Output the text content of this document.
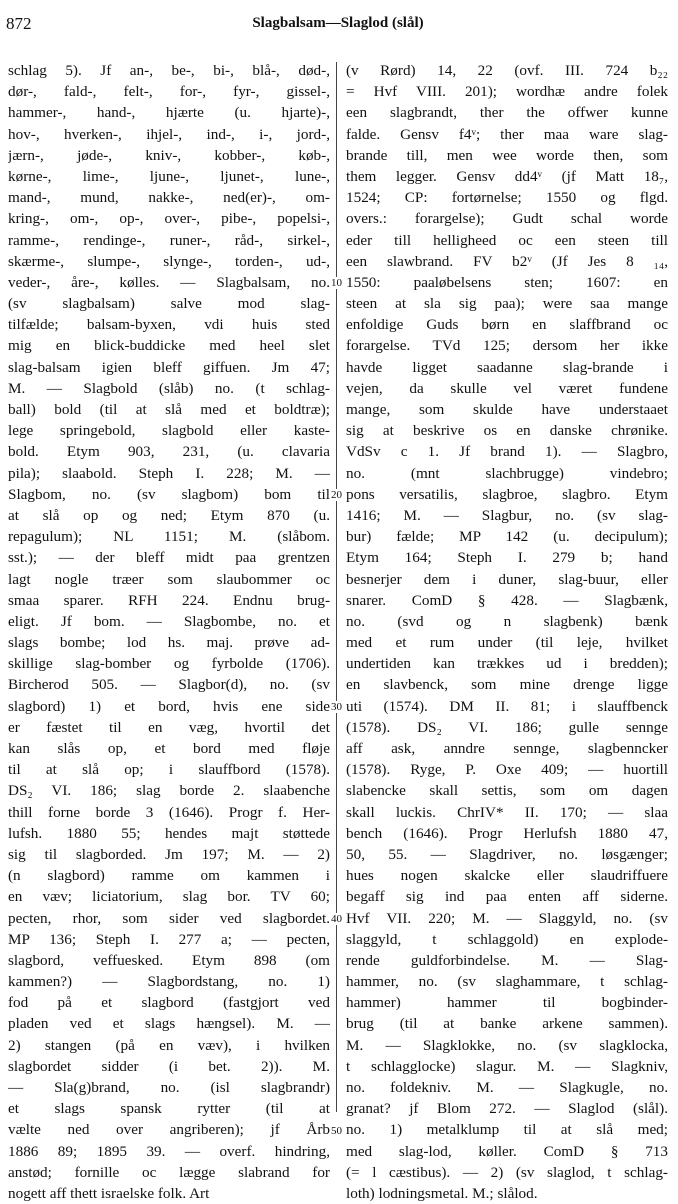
872	Slagbalsam—Slaglod (slål)
schlag 5). Jf an-, be-, bi-, blå-, død-,
dør-, fald-, felt-, for-, fyr-, gissel-,
hammer-, hand-, hjærte (u. hjarte)-,
hov-, hverken-, ihjel-, ind-, i-, jord-,
jærn-, jøde-, kniv-, kobber-, køb-,
kørne-, lime-, ljune-, ljunet-, lune-,
mand-, mund, nakke-, ned(er)-, om-
kring-, om-, op-, over-, pibe-, popelsi-,
ramme-, rendinge-, runer-, råd-, sirkel-,
skærme-, slumpe-, slynge-, torden-, ud-,
veder-, åre-, kølles. — Slagbalsam, no.
(sv slagbalsam) salve mod slag-
tilfælde; balsam-byxen, vdi huis sted
mig en blick-buddicke med heel slet
slag-balsam igien bleff giffuen. Jm 47;
M. — Slagbold (slåb) no. (t schlag-
ball) bold (til at slå med et boldtræ);
lege springebold, slagbold eller kaste-
bold. Etym 903, 231, (u. clavaria
pila); slaabold. Steph I. 228; M. —
Slagbom, no. (sv slagbom) bom til
at slå op og ned; Etym 870 (u.
repagulum); NL 1151; M. (slåbom.
sst.); — der bleff midt paa grentzen
lagt nogle træer som slaubommer oc
smaa sparer. RFH 224. Endnu brug-
eligt. Jf bom. — Slagbombe, no. et
slags bombe; lod hs. maj. prøve ad-
skillige slag-bomber og fyrbolde (1706).
Bircherod 505. — Slagbor(d), no. (sv
slagbord) 1) et bord, hvis ene side
er fæstet til en væg, hvortil det
kan slås op, et bord med fløje
til at slå op; i slauffbord (1578).
DS₂ VI. 186; slag borde 2. slaabenche
thill forne borde 3 (1646). Progr f. Her-
lufsh. 1880 55; hendes majt støttede
sig til slagborded. Jm 197; M. — 2)
(n slagbord) ramme om kammen i
en væv; liciatorium, slag bor. TV 60;
pecten, rhor, som sider ved slagbordet.
MP 136; Steph I. 277 a; — pecten,
slagbord, veffuesked. Etym 898 (om
kammen?) — Slagbordstang, no. 1)
fod på et slagbord (fastgjort ved
pladen ved et slags hængsel). M. —
2) stangen (på en væv), i hvilken
slagbordet sidder (i bet. 2)). M.
— Sla(g)brand, no. (isl slagbrandr)
et slags spansk rytter (til at
vælte ned over angriberen); jf Årb
1886 89; 1895 39. — overf. hindring,
anstød; fornille oc lægge slabrand for
nogett aff thett israelske folk. Art
10
20
30
40
50
(v Rørd) 14, 22 (ovf. III. 724 b₂₂
= Hvf VIII. 201); wordhæ andre folek
een slagbrandt, ther the offwer kunne
falde. Gensv f4ᵛ; ther maa ware slag-
brande till, men wee worde then, som
them legger. Gensv dd4ᵛ (jf Matt 18₇,
1524; CP: fortørnelse; 1550 og flgd.
overs.: forargelse); Gudt schal worde
eder till hellighееd oc een steen till
een slawbrand. FV b2ᵛ (Jf Jes 8 ₁₄,
1550: paaløbelsens sten; 1607: en
steen at sla sig paa); were saa mange
enfoldige Guds børn en slaffbrand oc
forargelse. TVd 125; dersom her ikke
havde ligget saadanne slag-brande i
vejen, da skulle vel været fundene
mange, som skulde have understaaet
sig at beskrive os en danske chrønike.
VdSv c 1. Jf brand 1). — Slagbro,
no. (mnt slachbrugge) vindebro;
pons versatilis, slagbroe, slagbro. Etym
1416; M. — Slagbur, no. (sv slag-
bur) fælde; MP 142 (u. decipulum);
Etym 164; Steph I. 279 b; hand
besnerjer dem i duner, slag-buur, eller
snarer. ComD § 428. — Slagbænk,
no. (svd og n slagbenk) bænk
med et rum under (til leje, hvilket
undertiden kan trækkes ud i bredden);
en slavbenck, som mine drenge ligge
uti (1574). DM II. 81; i slauffbenck
(1578). DS₂ VI. 186; gulle sennge
aff ask, anndre sennge, slagbenncker
(1578). Ryge, P. Oxe 409; — huortill
slabencke skall settis, som om dagen
skall luckis. ChrIV* II. 170; — slaa
bench (1646). Progr Herlufsh 1880 47,
50, 55. — Slagdriver, no. løsgænger;
hues nogen skalcke eller slaudriffuere
begaff sig ind paa enten aff siderne.
Hvf VII. 220; M. — Slaggyld, no. (sv
slaggyld, t schlaggold) en explode-
rende guldforbindelse. M. — Slag-
hammer, no. (sv slaghammare, t schlag-
hammer) hammer til bogbinder-
brug (til at banke arkene sammen).
M. — Slagklokke, no. (sv slagklocka,
t schlagglocke) slagur. M. — Slagkniv,
no. foldekniv. M. — Slagkugle, no.
granat? jf Blom 272. — Slaglod (slål).
no. 1) metalklump til at slå med;
med slag-lod, køller. ComD § 713
(= l cæstibus). — 2) (sv slaglod, t schlag-
loth) lodningsmetal. M.; slålod.
